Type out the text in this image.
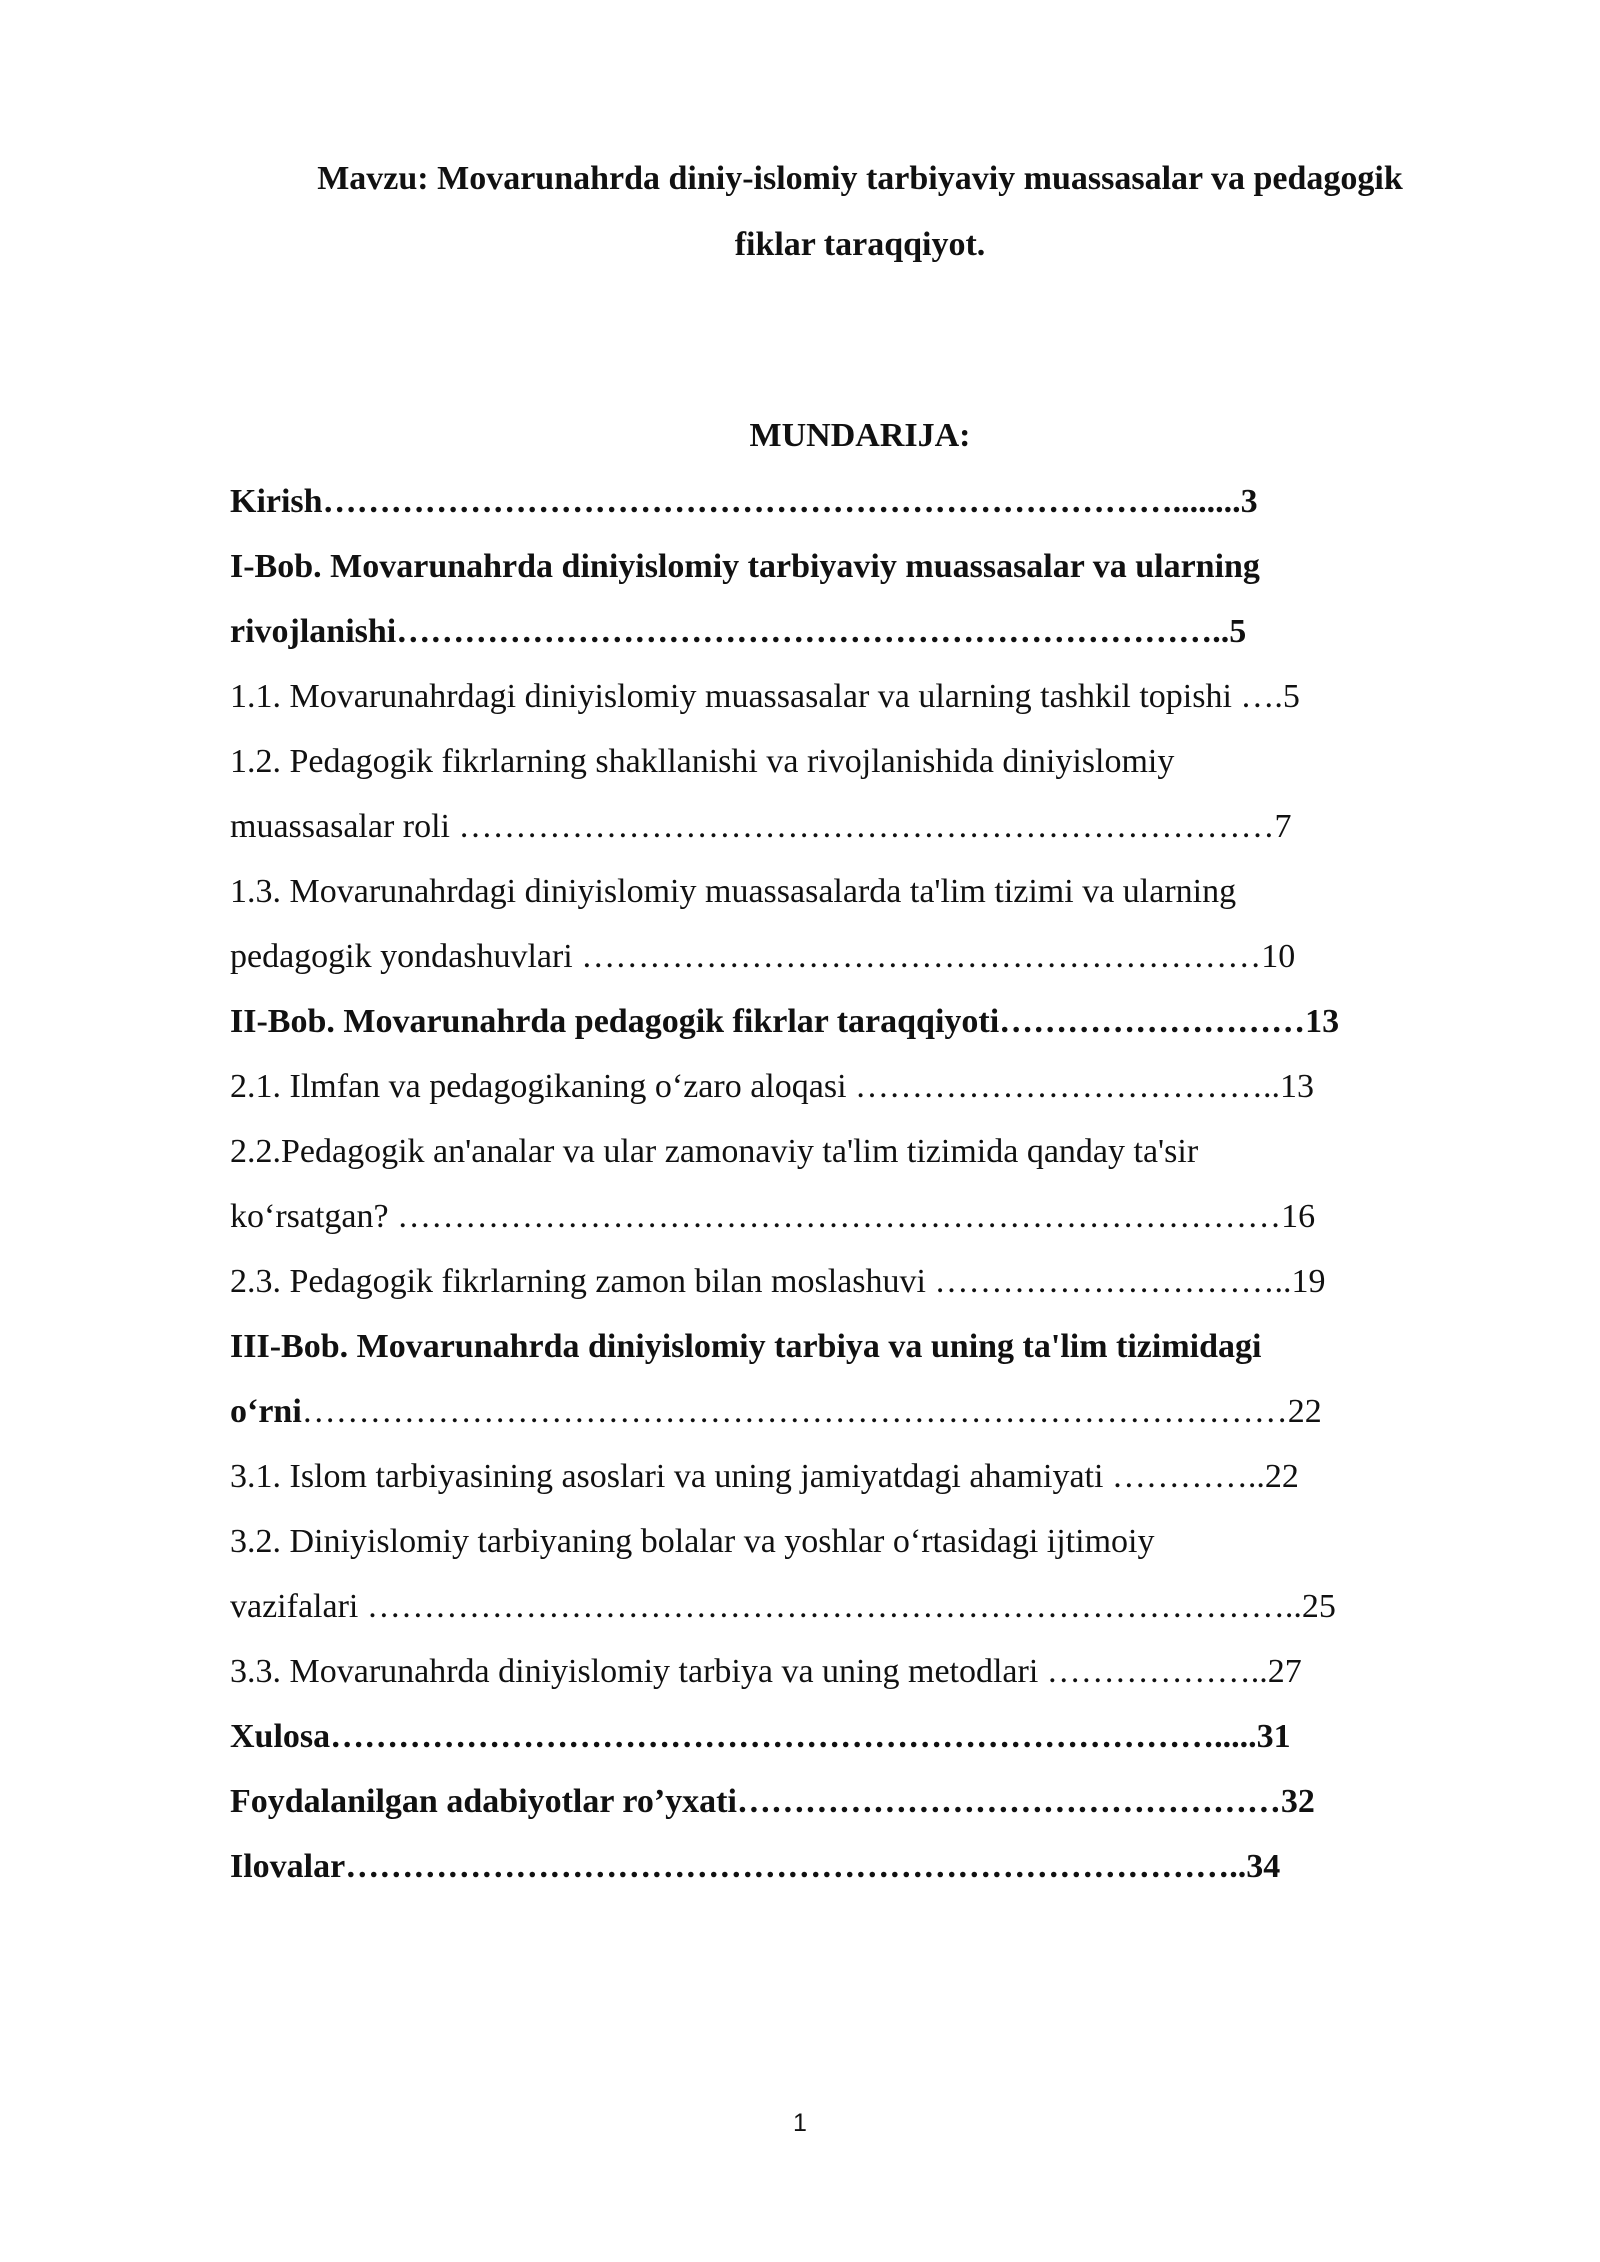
Mavzu: Movarunahrda diniy-islomiy tarbiyaviy muassasalar va pedagogik
fiklar taraqqiyot.
MUNDARIJA:
Kirish…………………………………………………………………........3
I-Bob. Movarunahrda diniyislomiy tarbiyaviy muassasalar va ularning
rivojlanishi………………………………………………………………..5
1.1. Movarunahrdagi diniyislomiy muassasalar va ularning tashkil topishi ….5
1.2. Pedagogik fikrlarning shakllanishi va rivojlanishida diniyislomiy
muassasalar roli ………………………………………………………………7
1.3. Movarunahrdagi diniyislomiy muassasalarda ta'lim tizimi va ularning
pedagogik yondashuvlari ……………………………………………………10
II-Bob. Movarunahrda pedagogik fikrlar taraqqiyoti………………………13
2.1. Ilmfan va pedagogikaning oʻzaro aloqasi ………………………………..13
2.2.Pedagogik an'analar va ular zamonaviy ta'lim tizimida qanday ta'sir
koʻrsatgan? ……………………………………………………………………16
2.3. Pedagogik fikrlarning zamon bilan moslashuvi …………………………..19
III-Bob. Movarunahrda diniyislomiy tarbiya va uning ta'lim tizimidagi
oʻrni……………………………………………………………………………22
3.1. Islom tarbiyasining asoslari va uning jamiyatdagi ahamiyati …………..22
3.2. Diniyislomiy tarbiyaning bolalar va yoshlar oʻrtasidagi ijtimoiy
vazifalari ………………………………………………………………………..25
3.3. Movarunahrda diniyislomiy tarbiya va uning metodlari ………………..27
Xulosa…………………………………………………………………….....31
Foydalanilgan adabiyotlar ro’yxati…………………………………………32
Ilovalar……………………………………………………………………..34
1
